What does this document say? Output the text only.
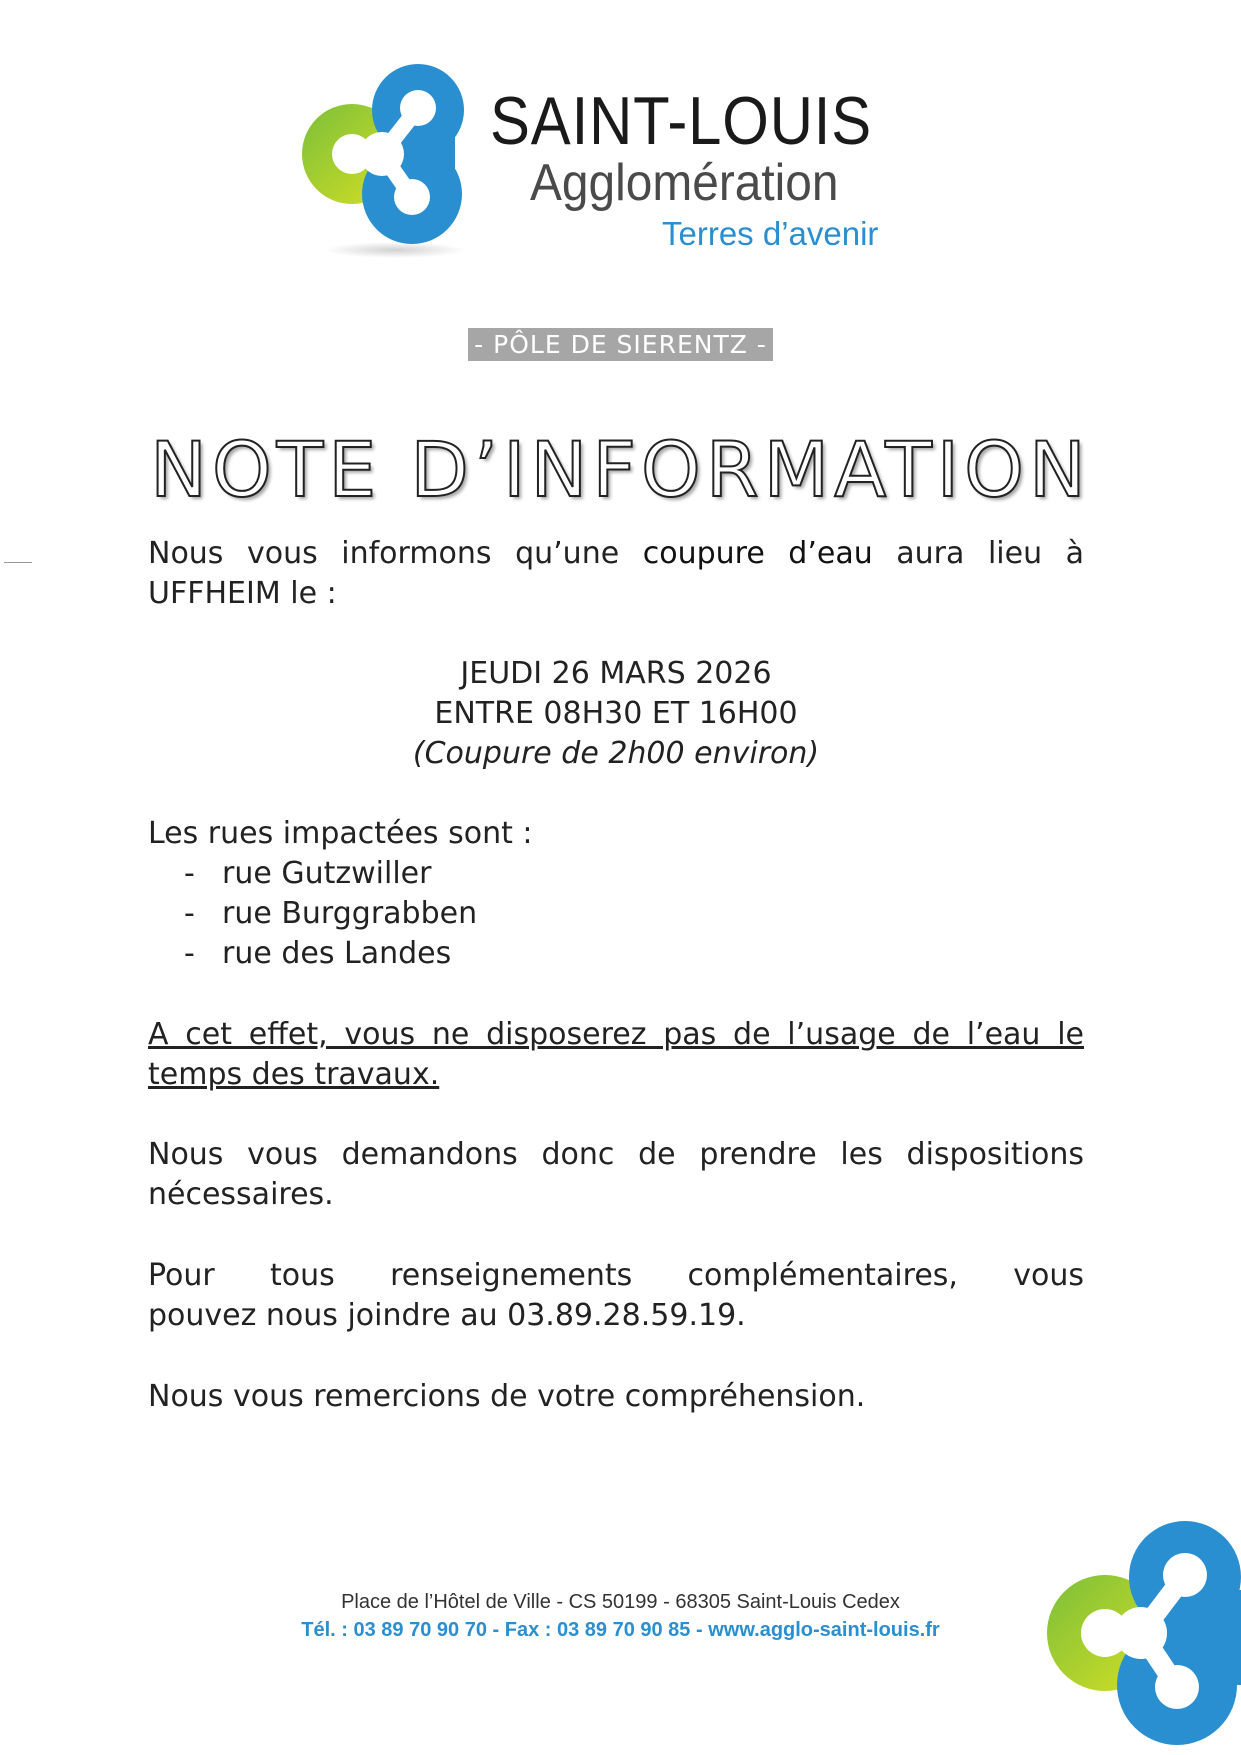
SAINT-LOUIS
Agglomération
Terres d’avenir
- PÔLE DE SIERENTZ -
NOTE D’INFORMATION
Nous vous informons qu’une coupure d’eau aura lieu à
UFFHEIM le :
JEUDI 26 MARS 2026
ENTRE 08H30 ET 16H00
(Coupure de 2h00 environ)
Les rues impactées sont :
- rue Gutzwiller
- rue Burggrabben
- rue des Landes
A cet effet, vous ne disposerez pas de l’usage de l’eau le
temps des travaux.
Nous vous demandons donc de prendre les dispositions
nécessaires.
Pour tous renseignements complémentaires, vous
pouvez nous joindre au 03.89.28.59.19.
Nous vous remercions de votre compréhension.
Place de l’Hôtel de Ville - CS 50199 - 68305 Saint-Louis Cedex
Tél. : 03 89 70 90 70 - Fax : 03 89 70 90 85 - www.agglo-saint-louis.fr
